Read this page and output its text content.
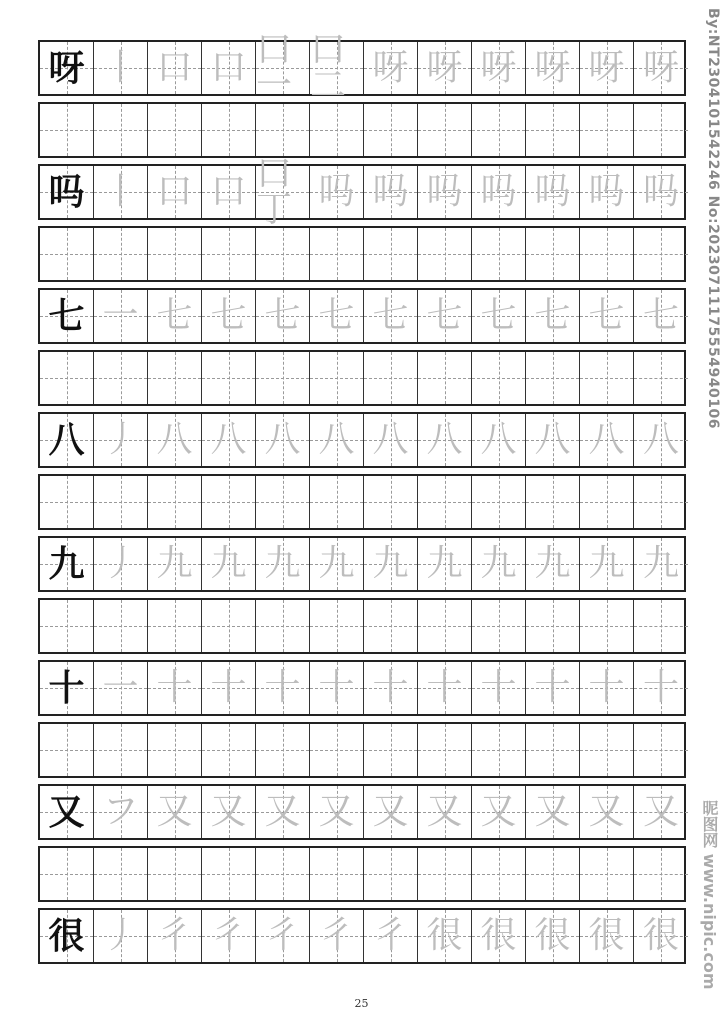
呀 丨 口 口 口一
口二 呀 呀 呀 呀 呀 呀
吗 丨 口 口 口丁 吗 吗 吗 吗 吗 吗 吗
七 一 七 七 七 七 七 七 七 七 七 七
八 丿 八 八 八 八 八 八 八 八 八 八
九 丿 九 九 九 九 九 九 九 九 九 九
十 一 十 十 十 十 十 十 十 十 十 十
又 フ 又 又 又 又 又 又 又 又 又 又
很 丿 彳 彳 彳 彳 彳 很 很 很 很 很
By:NT2304101542246 No:20230711175554940106
昵图网 www.nipic.com
25
